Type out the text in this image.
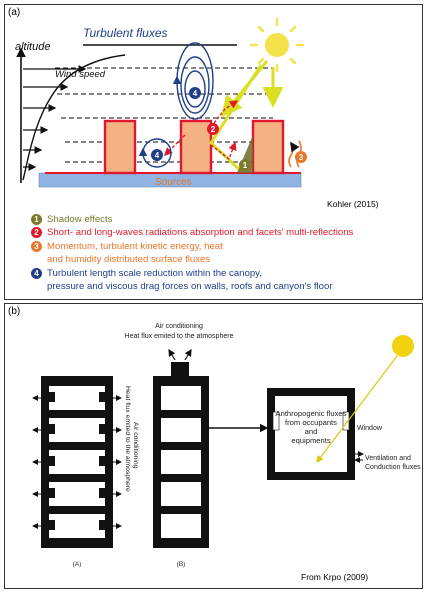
(a)
altitude
Turbulent fluxes
Wind speed
Sources
1
2
3
4
4
Kohler (2015)
1 Shadow effects
2 Short- and long-waves radiations absorption and facets' multi-reflections
3 Momentum, turbulent kinetic energy, heat
and humidity distributed surface fluxes
4 Turbulent length scale reduction within the canopy,
pressure and viscous drag forces on walls, roofs and canyon's floor
(b)
Air conditioning
Heat flux emited to the atmosphere
(A)
Air conditioning
Heat flux emited to the atmosphere
(B)
Anthropogenic fluxes
from occupants
and
equipments
Window
Ventilation and
Conduction fluxes
From Krpo (2009)
